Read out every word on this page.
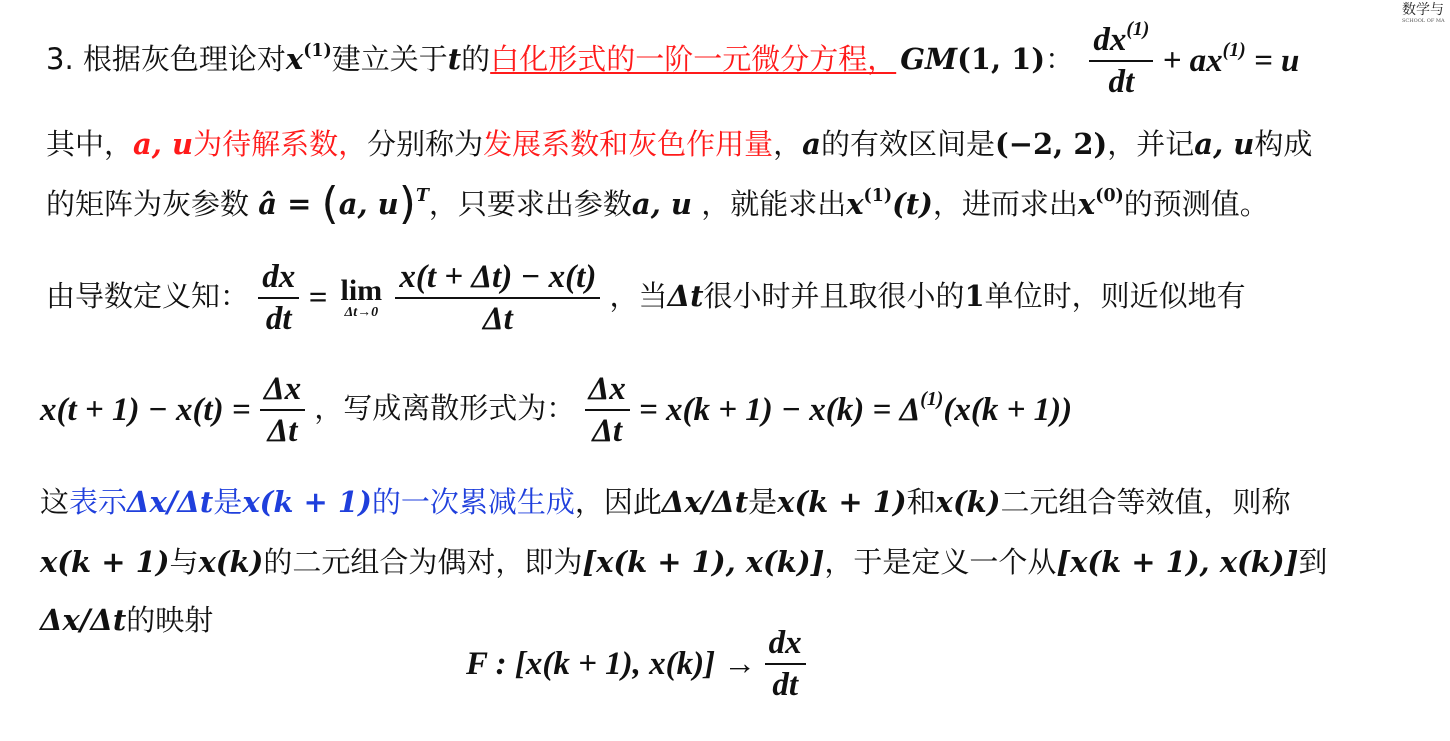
数学与
SCHOOL OF MA
3. 根据灰色理论对$x^{(1)}$建立关于t的白化形式的一阶一元微分方程， GM(1, 1)： $\frac{dx^{(1)}}{dt} + ax^{(1)} = u$
其中，a, u为待解系数，分别称为发展系数和灰色作用量，a的有效区间是(−2, 2)，并记a, u构成
的矩阵为灰参数 â = (a, u)$^T$，只要求出参数a, u ，就能求出$x^{(1)}(t)$，进而求出$x^{(0)}$的预测值。
由导数定义知： $\frac{dx}{dt} = \lim$
Δt→0
$\frac{x(t + \Delta t) - x(t)}{\Delta t}$ ，当Δt很小时并且取很小的1单位时，则近似地有
$x(t + 1) - x(t) = \frac{\Delta x}{\Delta t}$ ，写成离散形式为： $\frac{\Delta x}{\Delta t} = x(k + 1) - x(k) = \Delta^{(1)}(x(k + 1))$
这表示Δx/Δt是x(k + 1)的一次累减生成，因此Δx/Δt是x(k + 1)和x(k)二元组合等效值，则称
x(k + 1)与x(k)的二元组合为偶对，即为[x(k + 1), x(k)]，于是定义一个从[x(k + 1), x(k)]到
Δx/Δt的映射
F : [x(k + 1), $x(k)] \to \frac{dx}{dt}$
